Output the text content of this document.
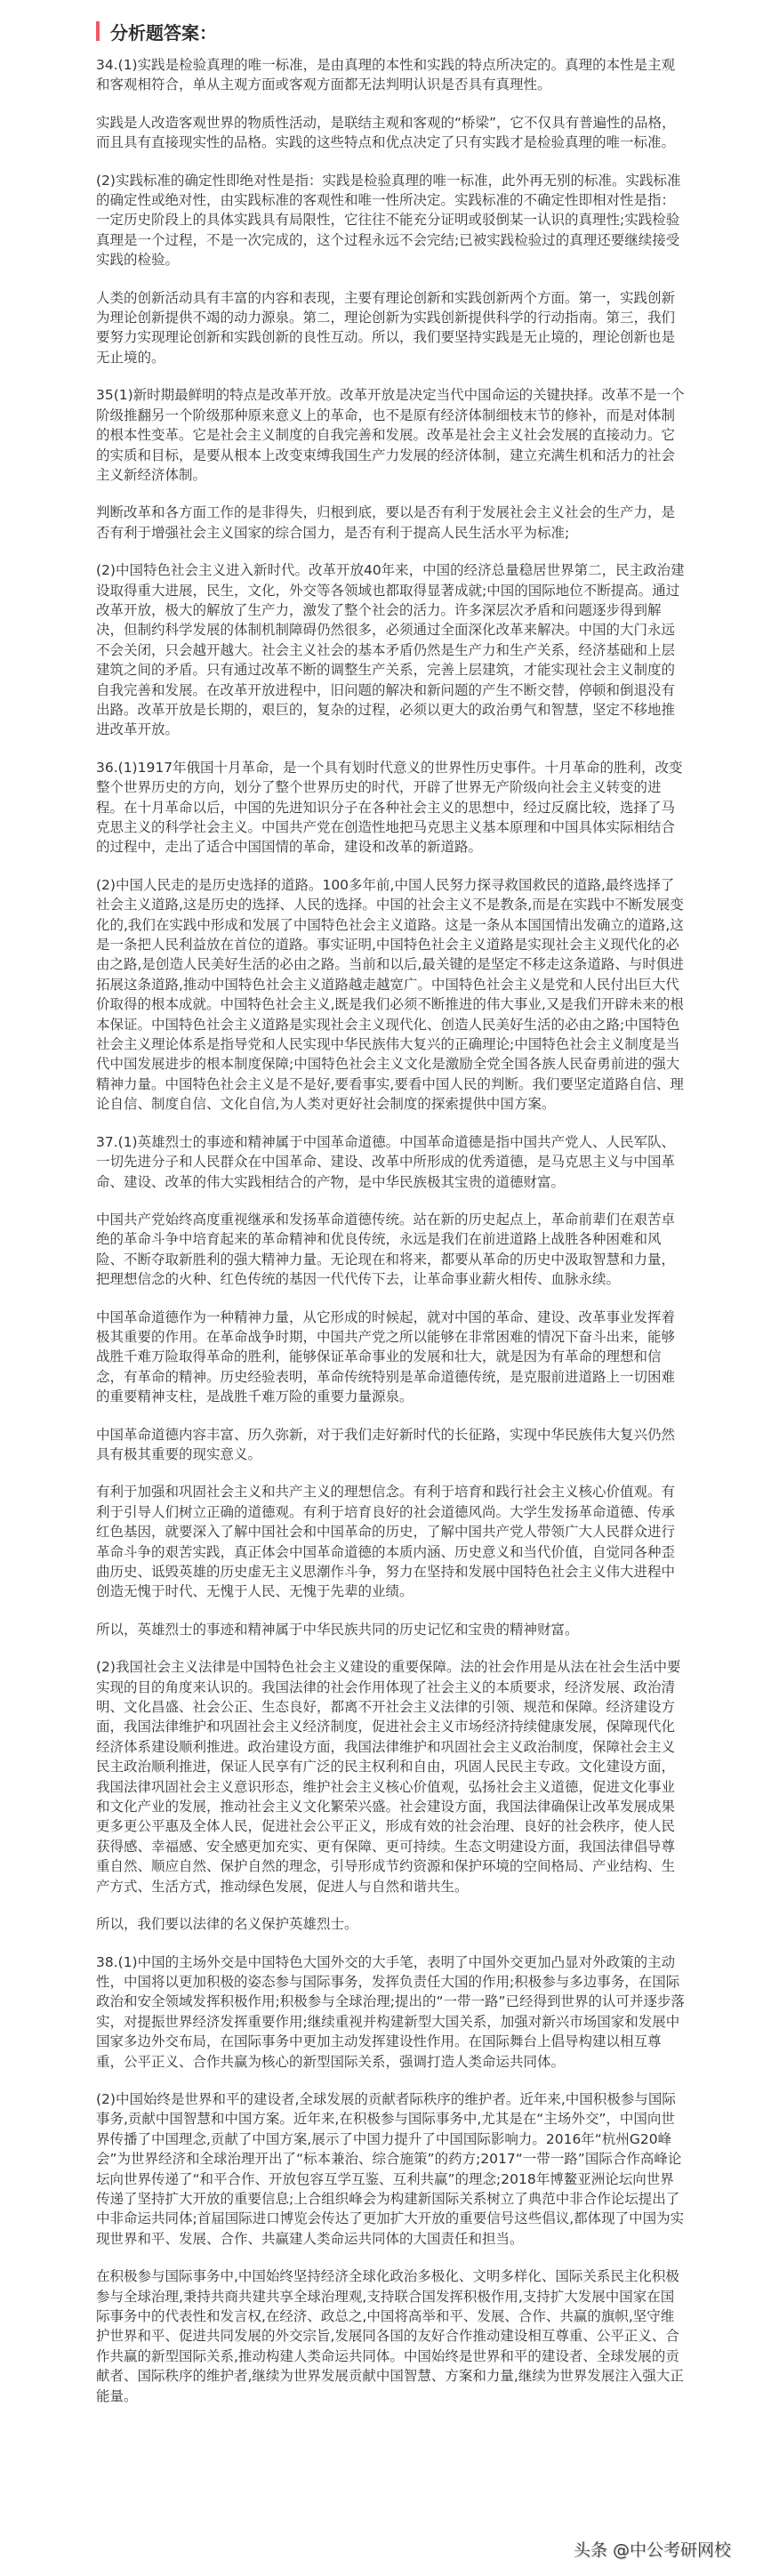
分析题答案：

34.(1)实践是检验真理的唯一标准，是由真理的本性和实践的特点所决定的。真理的本性是主观和客观相符合，单从主观方面或客观方面都无法判明认识是否具有真理性。

实践是人改造客观世界的物质性活动，是联结主观和客观的“桥梁”，它不仅具有普遍性的品格，而且具有直接现实性的品格。实践的这些特点和优点决定了只有实践才是检验真理的唯一标准。

(2)实践标准的确定性即绝对性是指：实践是检验真理的唯一标准，此外再无别的标准。实践标准的确定性或绝对性，由实践标准的客观性和唯一性所决定。实践标准的不确定性即相对性是指：一定历史阶段上的具体实践具有局限性，它往往不能充分证明或驳倒某一认识的真理性;实践检验真理是一个过程，不是一次完成的，这个过程永远不会完结;已被实践检验过的真理还要继续接受实践的检验。

人类的创新活动具有丰富的内容和表现，主要有理论创新和实践创新两个方面。第一，实践创新为理论创新提供不竭的动力源泉。第二，理论创新为实践创新提供科学的行动指南。第三，我们要努力实现理论创新和实践创新的良性互动。所以，我们要坚持实践是无止境的，理论创新也是无止境的。

35(1)新时期最鲜明的特点是改革开放。改革开放是决定当代中国命运的关键抉择。改革不是一个阶级推翻另一个阶级那种原来意义上的革命，也不是原有经济体制细枝末节的修补，而是对体制的根本性变革。它是社会主义制度的自我完善和发展。改革是社会主义社会发展的直接动力。它的实质和目标，是要从根本上改变束缚我国生产力发展的经济体制，建立充满生机和活力的社会主义新经济体制。

判断改革和各方面工作的是非得失，归根到底，要以是否有利于发展社会主义社会的生产力，是否有利于增强社会主义国家的综合国力，是否有利于提高人民生活水平为标准;

(2)中国特色社会主义进入新时代。改革开放40年来，中国的经济总量稳居世界第二，民主政治建设取得重大进展，民生，文化，外交等各领域也都取得显著成就;中国的国际地位不断提高。通过改革开放，极大的解放了生产力，激发了整个社会的活力。许多深层次矛盾和问题逐步得到解决，但制约科学发展的体制机制障碍仍然很多，必须通过全面深化改革来解决。中国的大门永远不会关闭，只会越开越大。社会主义社会的基本矛盾仍然是生产力和生产关系，经济基础和上层建筑之间的矛盾。只有通过改革不断的调整生产关系，完善上层建筑，才能实现社会主义制度的自我完善和发展。在改革开放进程中，旧问题的解决和新问题的产生不断交替，停顿和倒退没有出路。改革开放是长期的，艰巨的，复杂的过程，必须以更大的政治勇气和智慧，坚定不移地推进改革开放。

36.(1)1917年俄国十月革命，是一个具有划时代意义的世界性历史事件。十月革命的胜利，改变整个世界历史的方向，划分了整个世界历史的时代，开辟了世界无产阶级向社会主义转变的进程。在十月革命以后，中国的先进知识分子在各种社会主义的思想中，经过反腐比较，选择了马克思主义的科学社会主义。中国共产党在创造性地把马克思主义基本原理和中国具体实际相结合的过程中，走出了适合中国国情的革命，建设和改革的新道路。

(2)中国人民走的是历史选择的道路。100多年前,中国人民努力探寻救国救民的道路,最终选择了社会主义道路,这是历史的选择、人民的选择。中国的社会主义不是教条,而是在实践中不断发展变化的,我们在实践中形成和发展了中国特色社会主义道路。这是一条从本国国情出发确立的道路,这是一条把人民利益放在首位的道路。事实证明,中国特色社会主义道路是实现社会主义现代化的必由之路,是创造人民美好生活的必由之路。当前和以后,最关键的是坚定不移走这条道路、与时俱进拓展这条道路,推动中国特色社会主义道路越走越宽广。中国特色社会主义是党和人民付出巨大代价取得的根本成就。中国特色社会主义,既是我们必须不断推进的伟大事业,又是我们开辟未来的根本保证。中国特色社会主义道路是实现社会主义现代化、创造人民美好生活的必由之路;中国特色社会主义理论体系是指导党和人民实现中华民族伟大复兴的正确理论;中国特色社会主义制度是当代中国发展进步的根本制度保障;中国特色社会主义文化是激励全党全国各族人民奋勇前进的强大精神力量。中国特色社会主义是不是好,要看事实,要看中国人民的判断。我们要坚定道路自信、理论自信、制度自信、文化自信,为人类对更好社会制度的探索提供中国方案。

37.(1)英雄烈士的事迹和精神属于中国革命道德。中国革命道德是指中国共产党人、人民军队、一切先进分子和人民群众在中国革命、建设、改革中所形成的优秀道德，是马克思主义与中国革命、建设、改革的伟大实践相结合的产物，是中华民族极其宝贵的道德财富。

中国共产党始终高度重视继承和发扬革命道德传统。站在新的历史起点上，革命前辈们在艰苦卓绝的革命斗争中培育起来的革命精神和优良传统，永远是我们在前进道路上战胜各种困难和风险、不断夺取新胜利的强大精神力量。无论现在和将来，都要从革命的历史中汲取智慧和力量，把理想信念的火种、红色传统的基因一代代传下去，让革命事业薪火相传、血脉永续。

中国革命道德作为一种精神力量，从它形成的时候起，就对中国的革命、建设、改革事业发挥着极其重要的作用。在革命战争时期，中国共产党之所以能够在非常困难的情况下奋斗出来，能够战胜千难万险取得革命的胜利，能够保证革命事业的发展和壮大，就是因为有革命的理想和信念，有革命的精神。历史经验表明，革命传统特别是革命道德传统，是克服前进道路上一切困难的重要精神支柱，是战胜千难万险的重要力量源泉。

中国革命道德内容丰富、历久弥新，对于我们走好新时代的长征路，实现中华民族伟大复兴仍然具有极其重要的现实意义。

有利于加强和巩固社会主义和共产主义的理想信念。有利于培育和践行社会主义核心价值观。有利于引导人们树立正确的道德观。有利于培育良好的社会道德风尚。大学生发扬革命道德、传承红色基因，就要深入了解中国社会和中国革命的历史，了解中国共产党人带领广大人民群众进行革命斗争的艰苦实践，真正体会中国革命道德的本质内涵、历史意义和当代价值，自觉同各种歪曲历史、诋毁英雄的历史虚无主义思潮作斗争，努力在坚持和发展中国特色社会主义伟大进程中创造无愧于时代、无愧于人民、无愧于先辈的业绩。

所以，英雄烈士的事迹和精神属于中华民族共同的历史记忆和宝贵的精神财富。

(2)我国社会主义法律是中国特色社会主义建设的重要保障。法的社会作用是从法在社会生活中要实现的目的角度来认识的。我国法律的社会作用体现了社会主义的本质要求，经济发展、政治清明、文化昌盛、社会公正、生态良好，都离不开社会主义法律的引领、规范和保障。经济建设方面，我国法律维护和巩固社会主义经济制度，促进社会主义市场经济持续健康发展，保障现代化经济体系建设顺利推进。政治建设方面，我国法律维护和巩固社会主义政治制度，保障社会主义民主政治顺利推进，保证人民享有广泛的民主权利和自由，巩固人民民主专政。文化建设方面，我国法律巩固社会主义意识形态，维护社会主义核心价值观，弘扬社会主义道德，促进文化事业和文化产业的发展，推动社会主义文化繁荣兴盛。社会建设方面，我国法律确保让改革发展成果更多更公平惠及全体人民，促进社会公平正义，形成有效的社会治理、良好的社会秩序，使人民获得感、幸福感、安全感更加充实、更有保障、更可持续。生态文明建设方面，我国法律倡导尊重自然、顺应自然、保护自然的理念，引导形成节约资源和保护环境的空间格局、产业结构、生产方式、生活方式，推动绿色发展，促进人与自然和谐共生。

所以，我们要以法律的名义保护英雄烈士。

38.(1)中国的主场外交是中国特色大国外交的大手笔，表明了中国外交更加凸显对外政策的主动性，中国将以更加积极的姿态参与国际事务，发挥负责任大国的作用;积极参与多边事务，在国际政治和安全领域发挥积极作用;积极参与全球治理;提出的“一带一路”已经得到世界的认可并逐步落实，对提振世界经济发挥重要作用;继续重视并构建新型大国关系，加强对新兴市场国家和发展中国家多边外交布局，在国际事务中更加主动发挥建设性作用。在国际舞台上倡导构建以相互尊重，公平正义、合作共赢为核心的新型国际关系，强调打造人类命运共同体。

(2)中国始终是世界和平的建设者,全球发展的贡献者际秩序的维护者。近年来,中国积极参与国际事务,贡献中国智慧和中国方案。近年来,在积极参与国际事务中,尤其是在“主场外交”，中国向世界传播了中国理念,贡献了中国方案,展示了中国力提升了中国国际影响力。2016年“杭州G20峰会”为世界经济和全球治理开出了“标本兼治、综合施策”的药方;2017“一带一路”国际合作高峰论坛向世界传递了“和平合作、开放包容互学互鉴、互利共赢”的理念;2018年博鳌亚洲论坛向世界传递了坚持扩大开放的重要信息;上合组织峰会为构建新国际关系树立了典范中非合作论坛提出了中非命运共同体;首届国际进口博览会传达了更加扩大开放的重要信号这些倡议,都体现了中国为实现世界和平、发展、合作、共赢建人类命运共同体的大国责任和担当。

在积极参与国际事务中,中国始终坚持经济全球化政治多极化、文明多样化、国际关系民主化积极参与全球治理,秉持共商共建共享全球治理观,支持联合国发挥积极作用,支持扩大发展中国家在国际事务中的代表性和发言权,在经济、政总之,中国将高举和平、发展、合作、共赢的旗帜,坚守维护世界和平、促进共同发展的外交宗旨,发展同各国的友好合作推动建设相互尊重、公平正义、合作共赢的新型国际关系,推动构建人类命运共同体。中国始终是世界和平的建设者、全球发展的贡献者、国际秩序的维护者,继续为世界发展贡献中国智慧、方案和力量,继续为世界发展注入强大正能量。

头条 @中公考研网校
